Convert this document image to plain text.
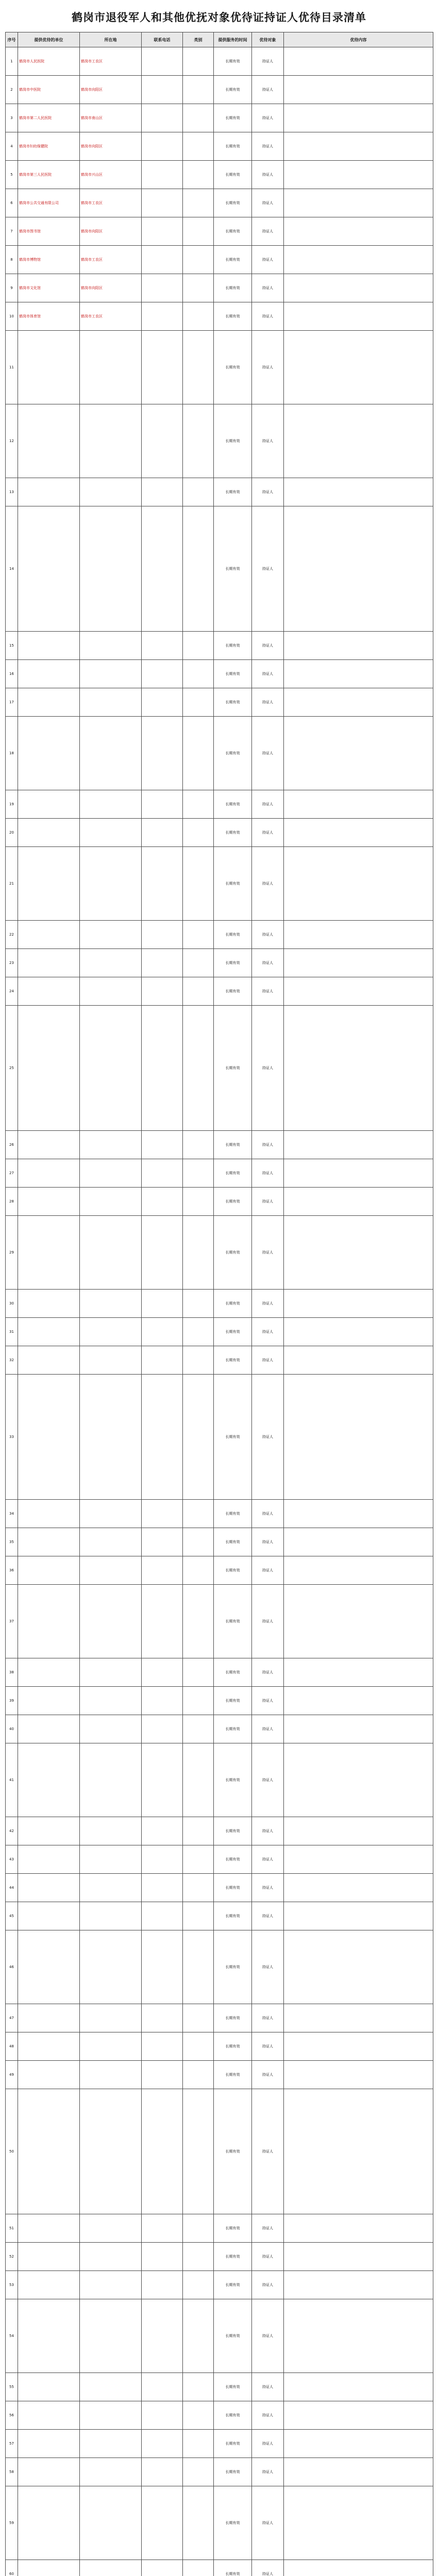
鹤岗市退役军人和其他优抚对象优待证持证人优待目录清单
序号	提供优待的单位	所在地	联系电话	类别	提供服务的时间	优待对象	优待内容
1	鹤岗市人民医院	鹤岗市工农区			长期有效	持证人	
2	鹤岗市中医院	鹤岗市向阳区			长期有效	持证人	
3	鹤岗市第二人民医院	鹤岗市南山区			长期有效	持证人	
4	鹤岗市妇幼保健院	鹤岗市向阳区			长期有效	持证人	
5	鹤岗市第三人民医院	鹤岗市兴山区			长期有效	持证人	
6	鹤岗市公共交通有限公司	鹤岗市工农区			长期有效	持证人	
7	鹤岗市图书馆	鹤岗市向阳区			长期有效	持证人	
8	鹤岗市博物馆	鹤岗市工农区			长期有效	持证人	
9	鹤岗市文化馆	鹤岗市向阳区			长期有效	持证人	
10	鹤岗市体育馆	鹤岗市工农区			长期有效	持证人	
11					长期有效	持证人	
12					长期有效	持证人	
13					长期有效	持证人	
14					长期有效	持证人	
15					长期有效	持证人	
16					长期有效	持证人	
17					长期有效	持证人	
18					长期有效	持证人	
19					长期有效	持证人	
20					长期有效	持证人	
21					长期有效	持证人	
22					长期有效	持证人	
23					长期有效	持证人	
24					长期有效	持证人	
25					长期有效	持证人	
26					长期有效	持证人	
27					长期有效	持证人	
28					长期有效	持证人	
29					长期有效	持证人	
30					长期有效	持证人	
31					长期有效	持证人	
32					长期有效	持证人	
33					长期有效	持证人	
34					长期有效	持证人	
35					长期有效	持证人	
36					长期有效	持证人	
37					长期有效	持证人	
38					长期有效	持证人	
39					长期有效	持证人	
40					长期有效	持证人	
41					长期有效	持证人	
42					长期有效	持证人	
43					长期有效	持证人	
44					长期有效	持证人	
45					长期有效	持证人	
46					长期有效	持证人	
47					长期有效	持证人	
48					长期有效	持证人	
49					长期有效	持证人	
50					长期有效	持证人	
51					长期有效	持证人	
52					长期有效	持证人	
53					长期有效	持证人	
54					长期有效	持证人	
55					长期有效	持证人	
56					长期有效	持证人	
57					长期有效	持证人	
58					长期有效	持证人	
59					长期有效	持证人	
60					长期有效	持证人	
